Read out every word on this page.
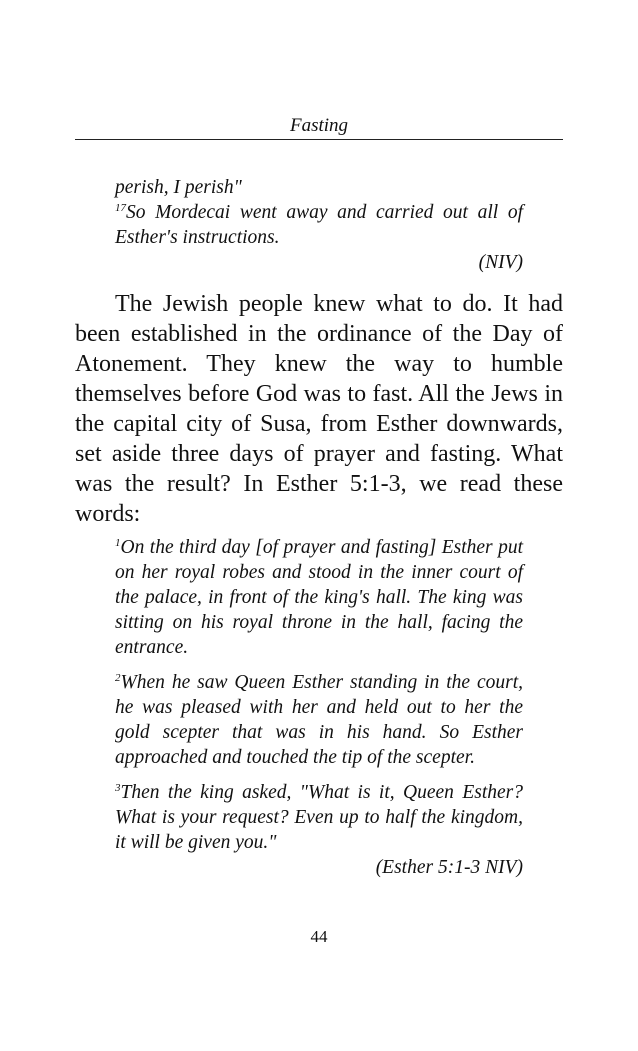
Fasting

perish, I perish"

$^{17}$So Mordecai went away and carried out all of Esther's instructions.

(NIV)

The Jewish people knew what to do. It had been established in the ordinance of the Day of Atonement. They knew the way to humble themselves before God was to fast. All the Jews in the capital city of Susa, from Esther downwards, set aside three days of prayer and fasting. What was the result? In Esther 5:1-3, we read these words:

$^1$On the third day [of prayer and fasting] Esther put on her royal robes and stood in the inner court of the palace, in front of the king's hall. The king was sitting on his royal throne in the hall, facing the entrance.

$^2$When he saw Queen Esther standing in the court, he was pleased with her and held out to her the gold scepter that was in his hand. So Esther approached and touched the tip of the scepter.

$^3$Then the king asked, "What is it, Queen Esther? What is your request? Even up to half the kingdom, it will be given you."

(Esther 5:1-3 NIV)

44
